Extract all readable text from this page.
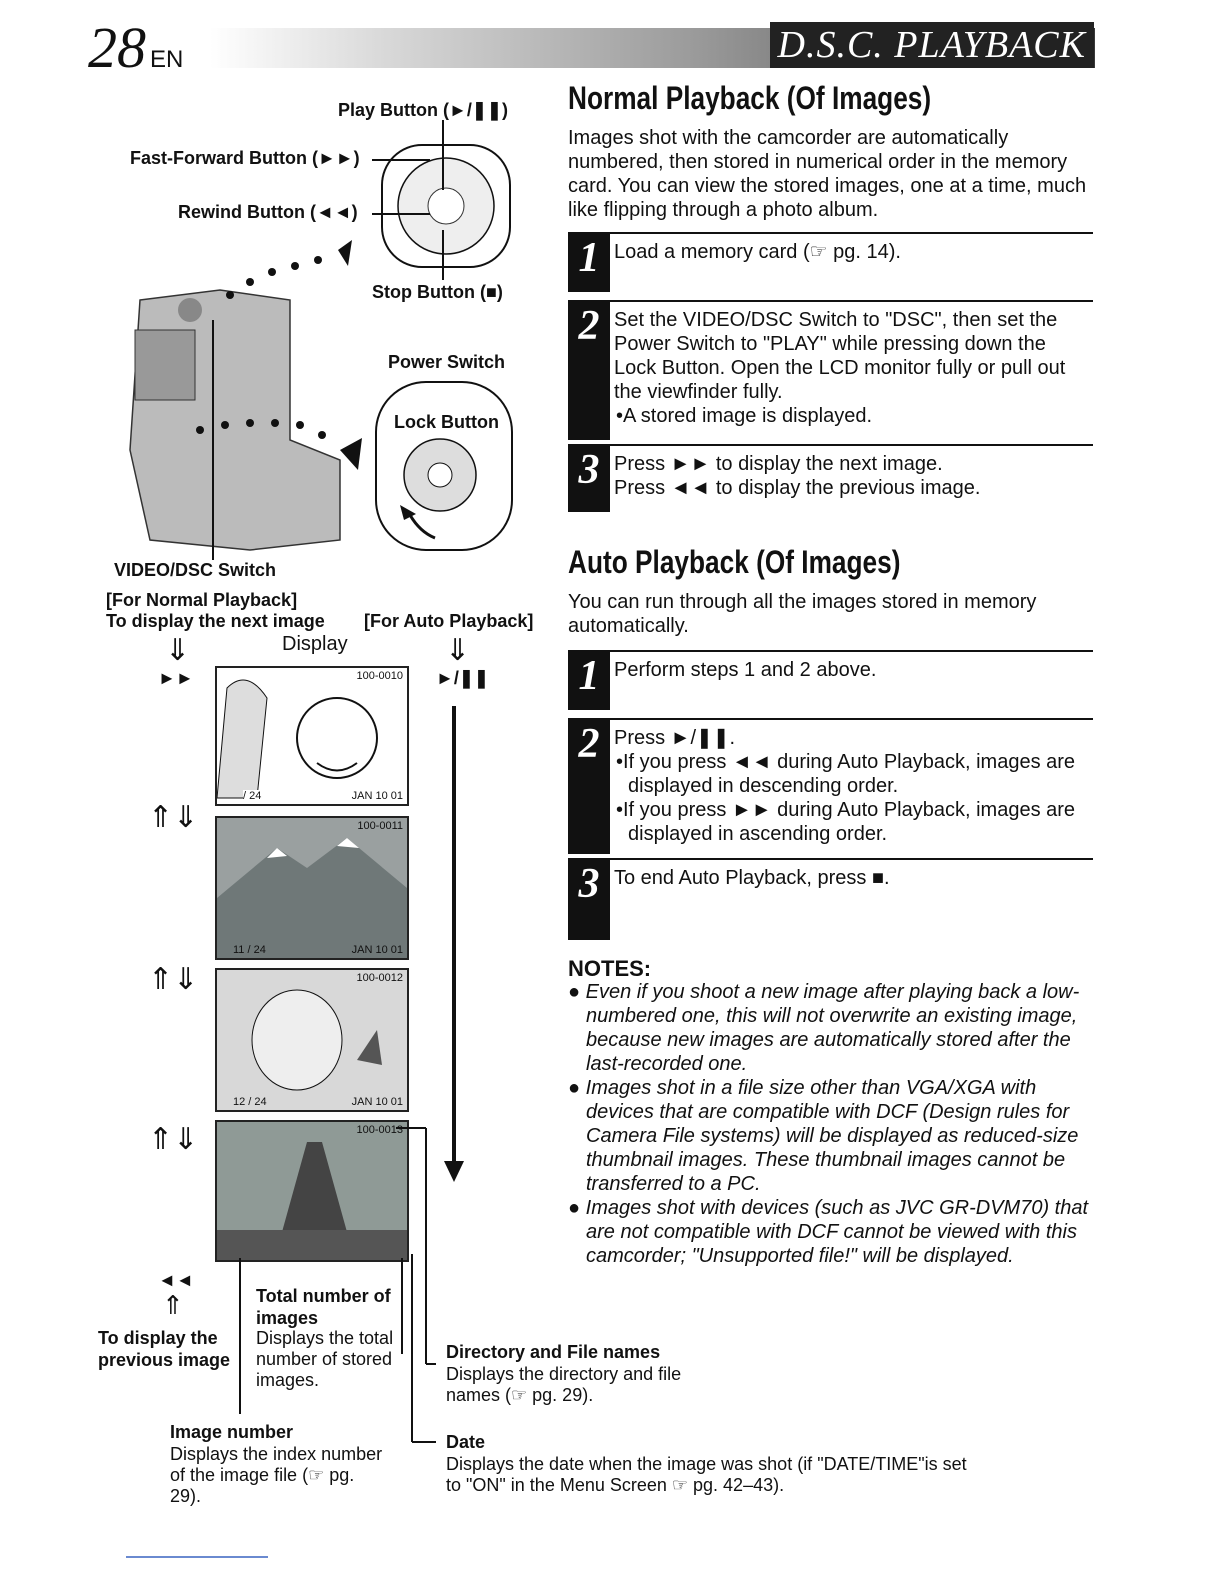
28 EN	D.S.C. PLAYBACK
Play Button (►/❚❚)
Fast-Forward Button (►►)
Rewind Button (◄◄)
Stop Button (■)
Power Switch
Lock Button
VIDEO/DSC Switch
[For Normal Playback]
To display the next image [For Auto Playback]
Display
⇓
►►
⇓
►/❚❚
⇑⇓
⇑⇓
⇑⇓
100-0010
/ 24	JAN 10 01
100-0011
11 / 24	JAN 10 01
100-0012
12 / 24	JAN 10 01
100-0013
◄◄
⇑
To display the
previous image
Total number of
images
Displays the total number of stored images.
Image number
Displays the index number of the image file (☞ pg. 29).
Directory and File names
Displays the directory and file names (☞ pg. 29).
Date
Displays the date when the image was shot (if "DATE/TIME"is set to "ON" in the Menu Screen ☞ pg. 42–43).
Normal Playback (Of Images)
Images shot with the camcorder are automatically numbered, then stored in numerical order in the memory card. You can view the stored images, one at a time, much like flipping through a photo album.
1 Load a memory card (☞ pg. 14).
2 Set the VIDEO/DSC Switch to "DSC", then set the Power Switch to "PLAY" while pressing down the Lock Button. Open the LCD monitor fully or pull out the viewfinder fully.
•A stored image is displayed.
3 Press ►► to display the next image.
Press ◄◄ to display the previous image.
Auto Playback (Of Images)
You can run through all the images stored in memory automatically.
1 Perform steps 1 and 2 above.
2 Press ►/❚❚.
•If you press ◄◄ during Auto Playback, images are displayed in descending order.
•If you press ►► during Auto Playback, images are displayed in ascending order.
3 To end Auto Playback, press ■.
NOTES:

● Even if you shoot a new image after playing back a low-numbered one, this will not overwrite an existing image, because new images are automatically stored after the last-recorded one.

● Images shot in a file size other than VGA/XGA with devices that are compatible with DCF (Design rules for Camera File systems) will be displayed as reduced-size thumbnail images. These thumbnail images cannot be transferred to a PC.

● Images shot with devices (such as JVC GR-DVM70) that are not compatible with DCF cannot be viewed with this camcorder; "Unsupported file!" will be displayed.
